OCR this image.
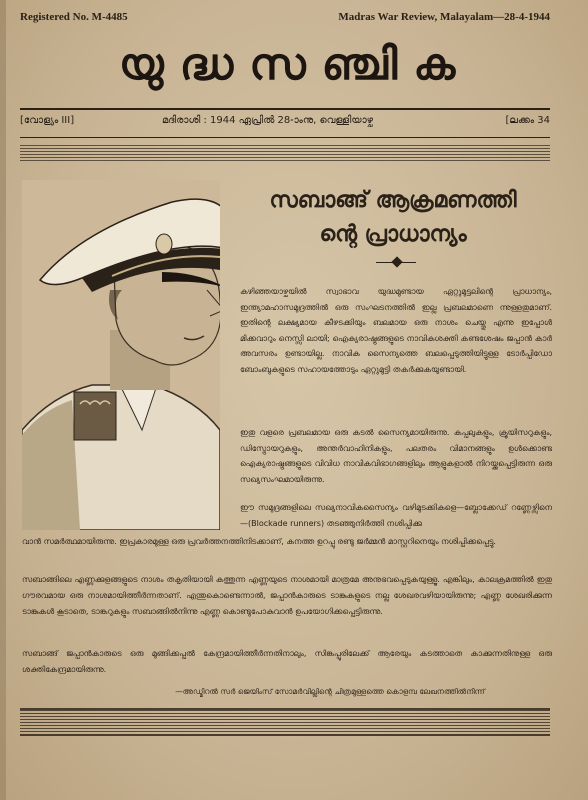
Registered No. M-4485	Madras War Review, Malayalam—28-4-1944
യുദ്ധസഞ്ചിക
[വോള്യം III]	മദിരാശി : 1944 ഏപ്രിൽ 28-ാംനു, വെള്ളിയാഴ്ച	[ലക്കം 34
സബാങ്ങ് ആക്രമണത്തി
ന്റെ പ്രാധാന്യം
കഴിഞ്ഞയാഴ്ചയിൽ സ്വാഭാവ യുദ്ധമുണ്ടായ ഏറ്റുമുട്ടലിന്റെ പ്രാധാന്യം, ഇന്ത്യാമഹാസമുദ്രത്തിൽ ഒരു സംഘടനത്തിൽ ഇല്ല പ്രബലമാണെ ന്നുള്ളതുമാണ്. ഇതിന്റെ ലക്ഷ്യമായ കീഴടക്കിയും ബലമായ ഒരു നാശം ചെയ്തു എന്നു ഇപ്പോൾ മിക്കവാറും നെസ്സി ലായി; ഐക്യരാഷ്ട്രങ്ങളുടെ നാവികശക്തി കണ്ടശേഷം ജപ്പാൻ കാർ അവസരം ഉണ്ടായില്ല. നാവിക സൈന്യത്തെ ബലപ്പെടുത്തിയിട്ടുള്ള ടോർപ്പിഡോ ബോംബുകളുടെ സഹായത്തോടും ഏറ്റുമുട്ടി തകർക്കുകയുണ്ടായി.
ഇതു വളരെ പ്രബലമായ ഒരു കടൽ സൈന്യമായിരുന്നു. കപ്പലുകളും, ക്രൂയിസറുകളും, ഡിസ്ട്രോയറുകളും, അന്തർവാഹിനികളും, പലതരം വിമാനങ്ങളും ഉൾക്കൊണ്ട ഐക്യരാഷ്ട്രങ്ങളുടെ വിവിധ നാവികവിഭാഗങ്ങളിലും ആളുകളാൽ നിറയ്ക്കപ്പെട്ടിരുന്ന ഒരു സഖ്യസംഘമായിരുന്നു.
ഈ സമുദ്രങ്ങളിലെ സഖ്യനാവികസൈന്യം വഴിമുടക്കികളെ—ബ്ലോക്കേഡ് റണ്ണേഴ്സിനെ—(Blockade runners) തടഞ്ഞുനിർത്തി നശിപ്പിക്കു
വാൻ സമർത്ഥമായിരുന്നു. ഇപ്രകാരമുള്ള ഒരു പ്രവർത്തനത്തിനിടക്കാണ്, കനത്ത ഉറപ്പു രണ്ടു ജർമ്മൻ മാസ്റ്ററിനെയും നശിപ്പിക്കപ്പെട്ടു.
സബാങ്ങിലെ എണ്ണക്കുളങ്ങളുടെ നാശം തകൃതിയായി കത്തുന്ന എണ്ണയുടെ നാശമായി മാത്രമേ അനുഭവപ്പെടുകയുള്ളൂ. എങ്കിലും, കാലക്രമത്തിൽ ഇതു ഗൗരവമായ ഒരു നാശമായിത്തീർന്നതാണ്. എന്തുകൊണ്ടെന്നാൽ, ജപ്പാൻകാരുടെ ടാങ്കുകളുടെ നല്ല ശേഖരവഴിയായിരുന്നു; എണ്ണ ശേഖരിക്കുന്ന ടാങ്കുകൾ കൂടാതെ, ടാങ്കറുകളും സബാങ്ങിൽനിന്നു എണ്ണ കൊണ്ടുപോകുവാൻ ഉപയോഗിക്കപ്പെട്ടിരുന്നു.
സബാങ്ങ് ജപ്പാൻകാരുടെ ഒരു മുങ്ങിക്കപ്പൽ കേന്ദ്രമായിത്തീർന്നതിനാലും, സിങ്കപ്പൂരിലേക്ക് ആരേയും കടത്താതെ കാക്കുന്നതിനുള്ള ഒരു ശക്തികേന്ദ്രമായിരുന്നു.
—അഡ്മിറൽ സർ ജെയിംസ് സോമർവില്ലിന്റെ ചിത്രമുള്ളത്തെ കൊളമ്പ ലേഖനത്തിൽനിന്ന്
